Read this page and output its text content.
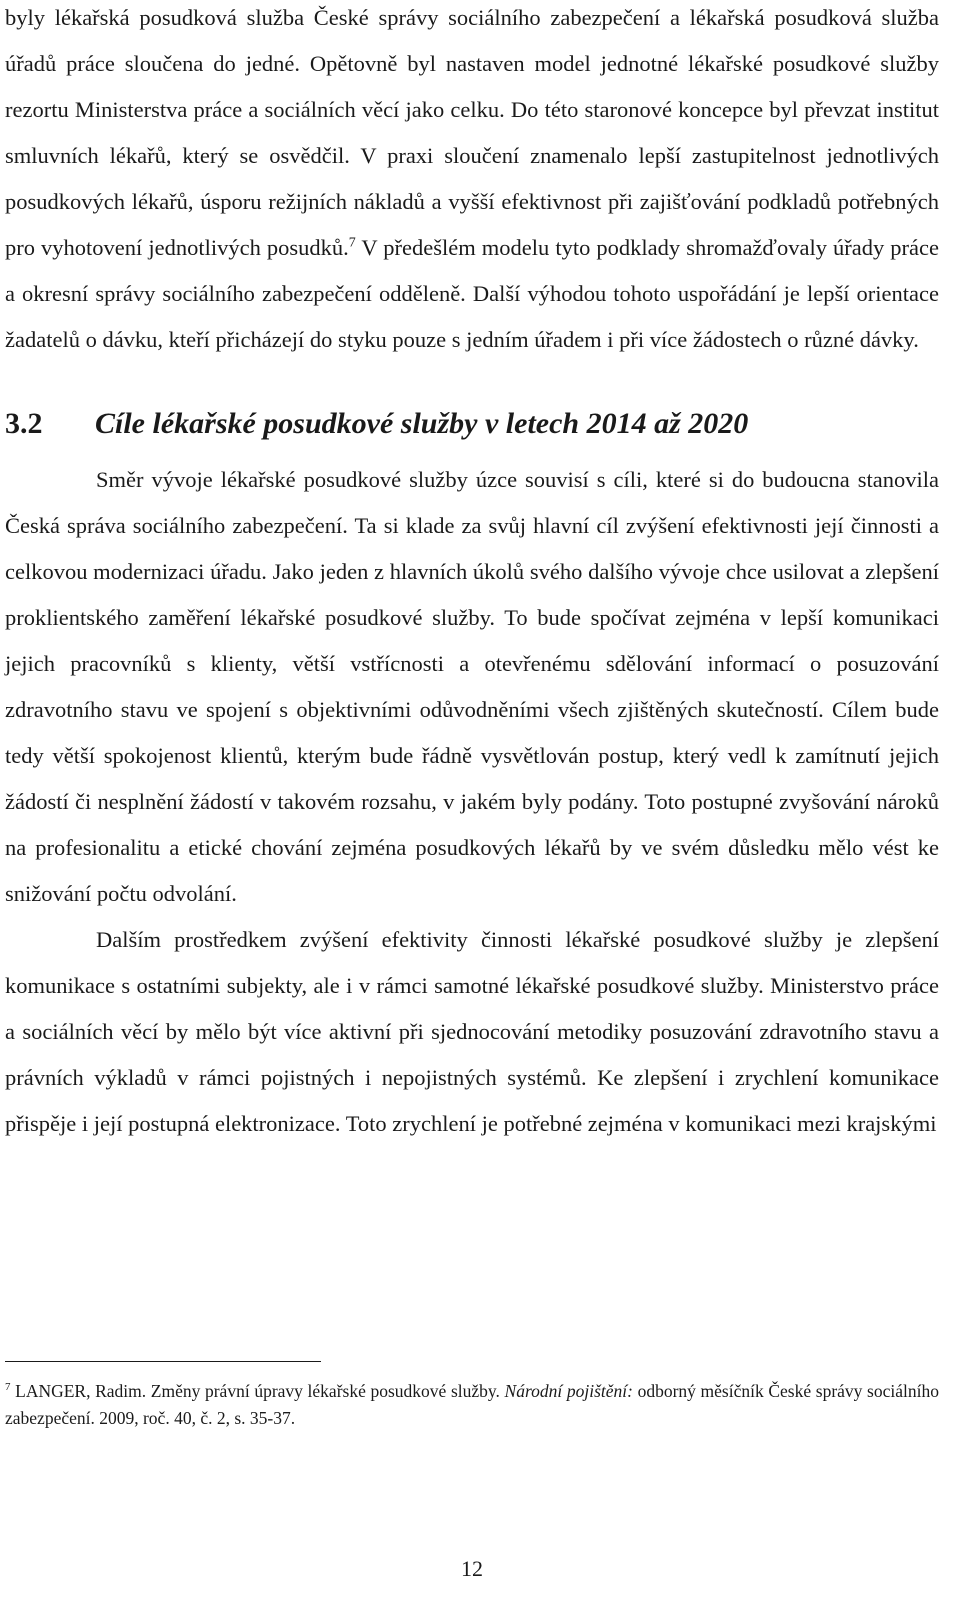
byly lékařská posudková služba České správy sociálního zabezpečení a lékařská posudková služba úřadů práce sloučena do jedné. Opětovně byl nastaven model jednotné lékařské posudkové služby rezortu Ministerstva práce a sociálních věcí jako celku. Do této staronové koncepce byl převzat institut smluvních lékařů, který se osvědčil. V praxi sloučení znamenalo lepší zastupitelnost jednotlivých posudkových lékařů, úsporu režijních nákladů a vyšší efektivnost při zajišťování podkladů potřebných pro vyhotovení jednotlivých posudků.$^7$ V předešlém modelu tyto podklady shromažďovaly úřady práce a okresní správy sociálního zabezpečení odděleně. Další výhodou tohoto uspořádání je lepší orientace žadatelů o dávku, kteří přicházejí do styku pouze s jedním úřadem i při více žádostech o různé dávky.

3.2	Cíle lékařské posudkové služby v letech 2014 až 2020

Směr vývoje lékařské posudkové služby úzce souvisí s cíli, které si do budoucna stanovila Česká správa sociálního zabezpečení. Ta si klade za svůj hlavní cíl zvýšení efektivnosti její činnosti a celkovou modernizaci úřadu. Jako jeden z hlavních úkolů svého dalšího vývoje chce usilovat a zlepšení proklientského zaměření lékařské posudkové služby. To bude spočívat zejména v lepší komunikaci jejich pracovníků s klienty, větší vstřícnosti a otevřenému sdělování informací o posuzování zdravotního stavu ve spojení s objektivními odůvodněními všech zjištěných skutečností. Cílem bude tedy větší spokojenost klientů, kterým bude řádně vysvětlován postup, který vedl k zamítnutí jejich žádostí či nesplnění žádostí v takovém rozsahu, v jakém byly podány. Toto postupné zvyšování nároků na profesionalitu a etické chování zejména posudkových lékařů by ve svém důsledku mělo vést ke snižování počtu odvolání.

Dalším prostředkem zvýšení efektivity činnosti lékařské posudkové služby je zlepšení komunikace s ostatními subjekty, ale i v rámci samotné lékařské posudkové služby. Ministerstvo práce a sociálních věcí by mělo být více aktivní při sjednocování metodiky posuzování zdravotního stavu a právních výkladů v rámci pojistných i nepojistných systémů. Ke zlepšení i zrychlení komunikace přispěje i její postupná elektronizace. Toto zrychlení je potřebné zejména v komunikaci mezi krajskými

$^7$ LANGER, Radim. Změny právní úpravy lékařské posudkové služby. Národní pojištění: odborný měsíčník České správy sociálního zabezpečení. 2009, roč. 40, č. 2, s. 35-37.
12
